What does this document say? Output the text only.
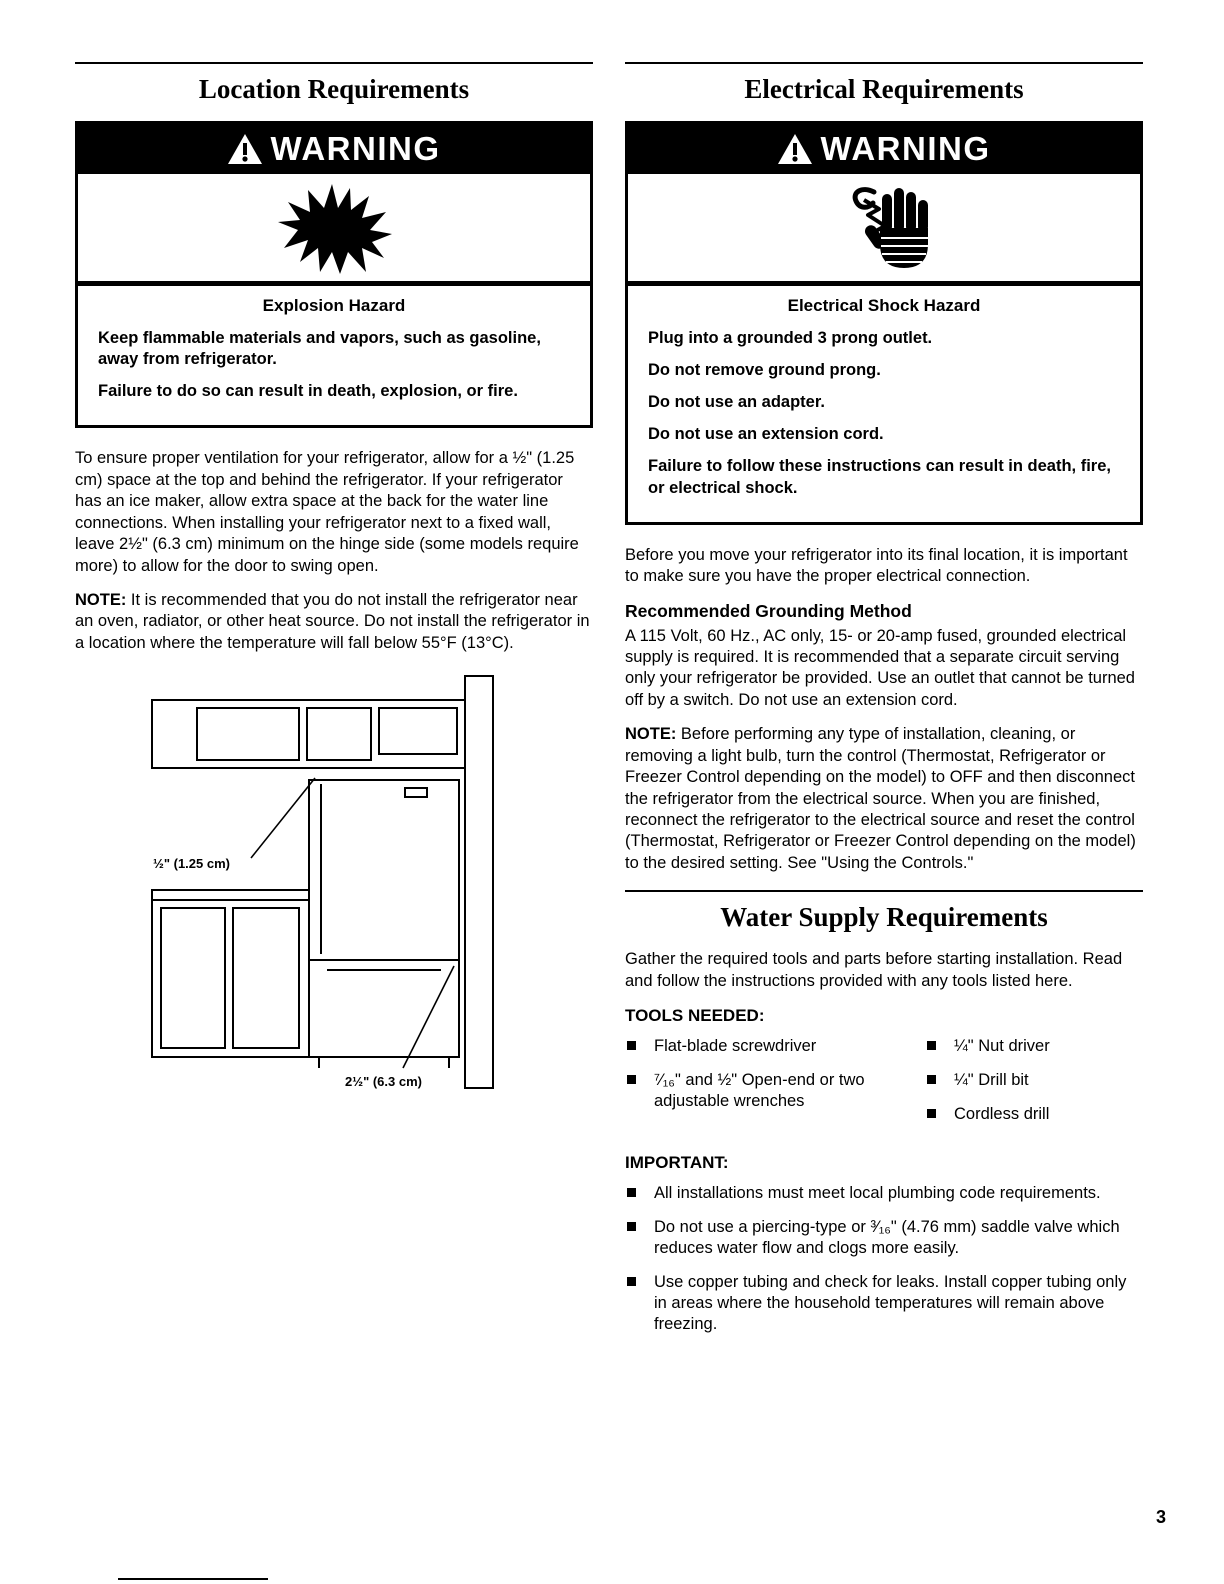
Location Requirements
WARNING
Explosion Hazard

Keep flammable materials and vapors, such as gasoline, away from refrigerator.

Failure to do so can result in death, explosion, or fire.

To ensure proper ventilation for your refrigerator, allow for a ½" (1.25 cm) space at the top and behind the refrigerator. If your refrigerator has an ice maker, allow extra space at the back for the water line connections. When installing your refrigerator next to a fixed wall, leave 2½" (6.3 cm) minimum on the hinge side (some models require more) to allow for the door to swing open.

NOTE: It is recommended that you do not install the refrigerator near an oven, radiator, or other heat source. Do not install the refrigerator in a location where the temperature will fall below 55°F (13°C).

½" (1.25 cm)
2½" (6.3 cm)
Electrical Requirements
WARNING
Electrical Shock Hazard

Plug into a grounded 3 prong outlet.

Do not remove ground prong.

Do not use an adapter.

Do not use an extension cord.

Failure to follow these instructions can result in death, fire, or electrical shock.

Before you move your refrigerator into its final location, it is important to make sure you have the proper electrical connection.

Recommended Grounding Method

A 115 Volt, 60 Hz., AC only, 15- or 20-amp fused, grounded electrical supply is required. It is recommended that a separate circuit serving only your refrigerator be provided. Use an outlet that cannot be turned off by a switch. Do not use an extension cord.

NOTE: Before performing any type of installation, cleaning, or removing a light bulb, turn the control (Thermostat, Refrigerator or Freezer Control depending on the model) to OFF and then disconnect the refrigerator from the electrical source. When you are finished, reconnect the refrigerator to the electrical source and reset the control (Thermostat, Refrigerator or Freezer Control depending on the model) to the desired setting. See "Using the Controls."

Water Supply Requirements

Gather the required tools and parts before starting installation. Read and follow the instructions provided with any tools listed here.

TOOLS NEEDED:
Flat-blade screwdriver
⁷⁄₁₆" and ½" Open-end or two adjustable wrenches
¼" Nut driver
¼" Drill bit
Cordless drill
IMPORTANT:
All installations must meet local plumbing code requirements.
Do not use a piercing-type or ³⁄₁₆" (4.76 mm) saddle valve which reduces water flow and clogs more easily.
Use copper tubing and check for leaks. Install copper tubing only in areas where the household temperatures will remain above freezing.
3
